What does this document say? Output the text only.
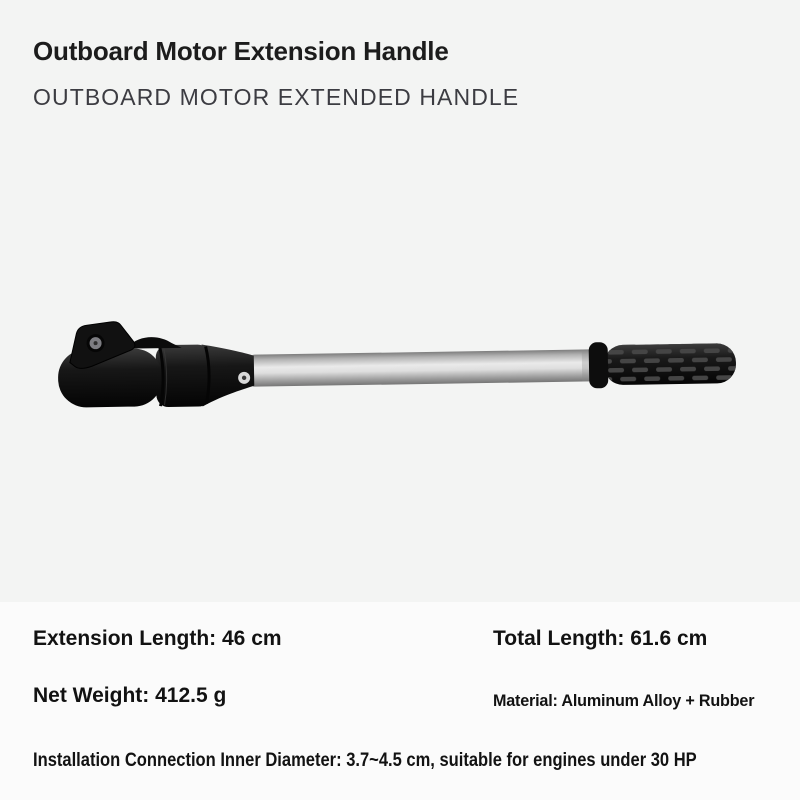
Outboard Motor Extension Handle
OUTBOARD MOTOR EXTENDED HANDLE
Extension Length: 46 cm	Total Length: 61.6 cm
Net Weight: 412.5 g	Material: Aluminum Alloy + Rubber
Installation Connection Inner Diameter: 3.7~4.5 cm, suitable for engines under 30 HP
